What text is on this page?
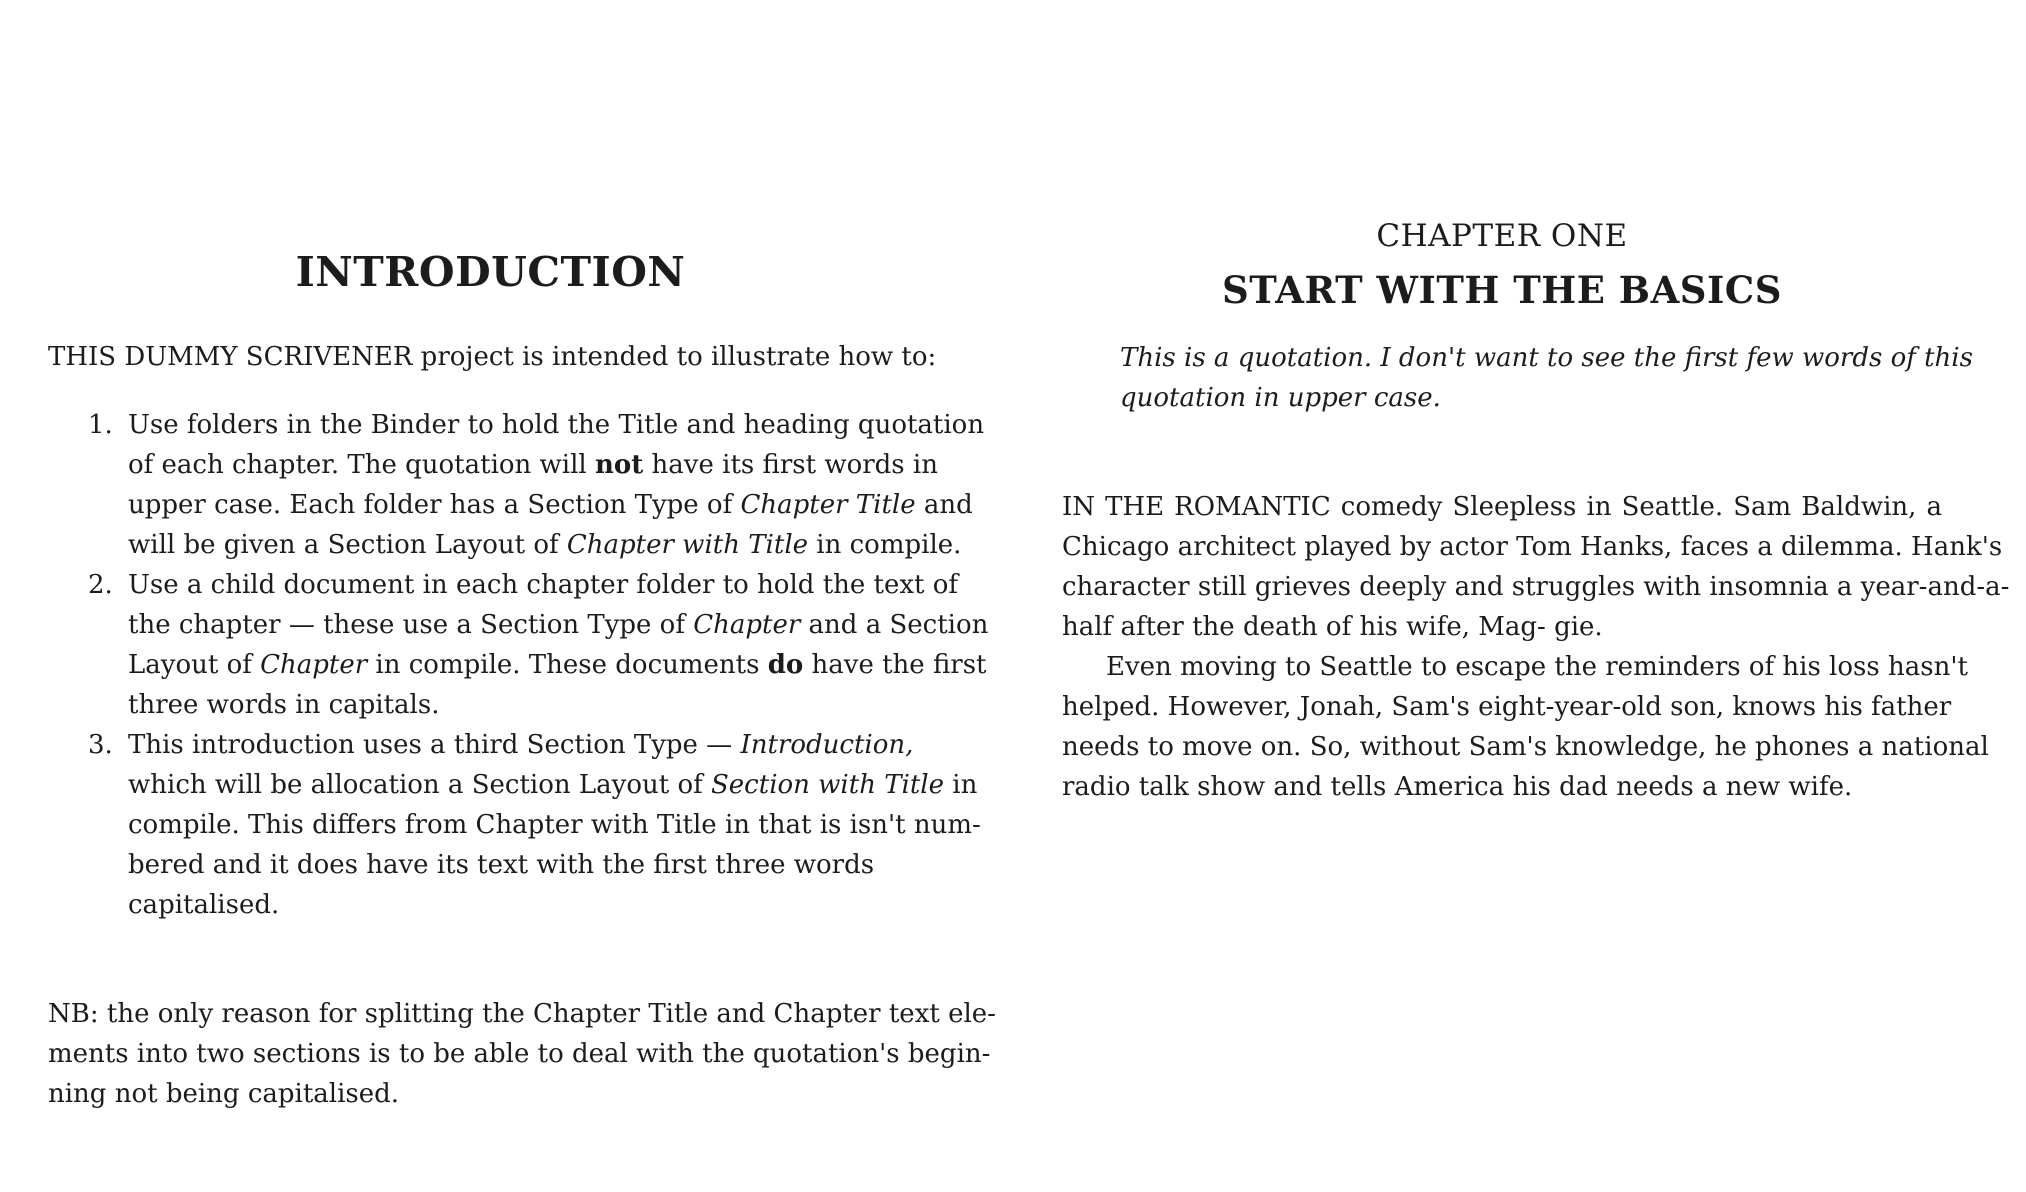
INTRODUCTION

THIS DUMMY SCRIVENER project is intended to illustrate how to:

1. Use folders in the Binder to hold the Title and heading quotation
of each chapter. The quotation will not have its first words in
upper case. Each folder has a Section Type of Chapter Title and
will be given a Section Layout of Chapter with Title in compile.
2. Use a child document in each chapter folder to hold the text of
the chapter — these use a Section Type of Chapter and a Section
Layout of Chapter in compile. These documents do have the first
three words in capitals.
3. This introduction uses a third Section Type — Introduction,
which will be allocation a Section Layout of Section with Title in
compile. This differs from Chapter with Title in that is isn't num-
bered and it does have its text with the first three words
capitalised.

NB: the only reason for splitting the Chapter Title and Chapter text ele-
ments into two sections is to be able to deal with the quotation's begin-
ning not being capitalised.

CHAPTER ONE

START WITH THE BASICS
This is a quotation. I don't want to see the first few words of this
quotation in upper case.

IN THE ROMANTIC comedy Sleepless in Seattle. Sam Baldwin, a
Chicago architect played by actor Tom Hanks, faces a dilemma. Hank's
character still grieves deeply and struggles with insomnia a year-and-a-
half after the death of his wife, Mag- gie.

Even moving to Seattle to escape the reminders of his loss hasn't
helped. However, Jonah, Sam's eight-year-old son, knows his father
needs to move on. So, without Sam's knowledge, he phones a national
radio talk show and tells America his dad needs a new wife.
